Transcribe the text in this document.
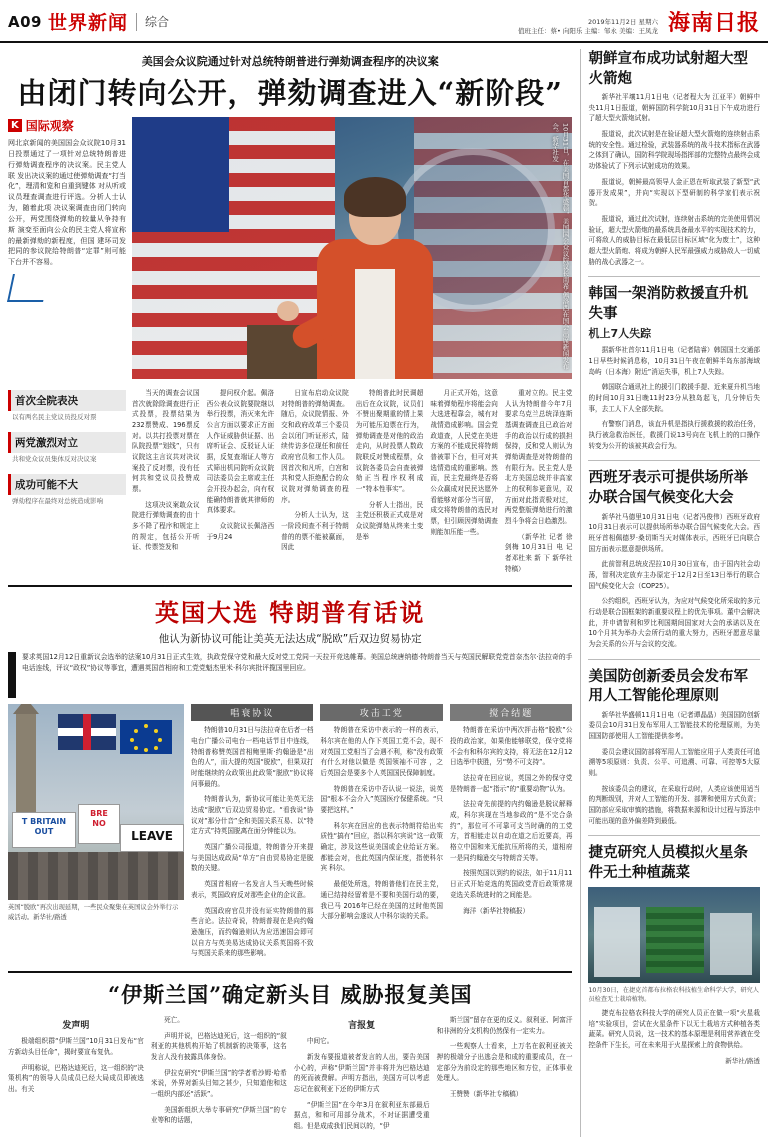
A09 世界新闻 综合	2019年11月2日 星期六
值班主任：蔡• 向阳乐 主编：邹永 美编：王凤龙 海南日报
美国会众议院通过针对总统特朗普进行弹劾调查程序的决议案
由闭门转向公开，弹劾调查进入“新阶段”
K 国际观察
网北京新闻的美国国会众议院10月31日投票通过了一项针对总统特朗普进行弹劾调查程序的决议案。民主党人联 发出决议案的通过使弹劾调查“打当化”，理清和览和自重到键体 对从听或议员理查调查进行评选。分析人士认为，随着此项 决议案调查由闭门转向公开，两党围绕弹劾的较量从争持有斯 演变至面向公众的民主党人将宣称的最新弹劾的新程度，但国 建环司发把同的参议院给特朗普“定罪”则可能下台并不容易。	10月31日，在美国首都华盛顿，美国国会众议院议长南希·佩洛西在国会出席新闻发布会。新华社发
首次全院表决
以有两名民主党议员投反对票
两党激烈对立
共和党众议员集体反对决议案
成功可能不大
弹劾程序在最终对总统造成影响

当天的调查会议国首次就除除调查进行正式投票，投票结果为232票赞成、196票反对。以共打投票对票在队院投票“划线”，只有议院这主言议共对决议案投了反对票，没有任何共和党议员投赞成票。

这项决议案敢众议院进行弹劾调查的由十多不降了程序和规定上的规定，包括公开听证、传票签发和

提问权介起。佩洛西公表众议院要院继以举行投票，消灭来允许公言方面以要求正方面人作证威胁供证据、出席听证会、反驳证人证据，反复查端证人等方式筛出机同院听众议院司法委员会主席或主任会开投办起会，向有权能确特朗普就其律师的真体要求。

众议院议长佩洛西于9月24

日宣布启动众议院对特朗普的弹劾调查。随后，众议院情报、外交和政府改革三个委员会以闭门听证形式，陆续传访多位现任和前任政府官员和工作人员。因首次和凡听，白宫和共和党人拒绝配合的众议院对弹劾调查的程序。

分析人士认为，这一阶段间查不利于特朗普的的票不能被赢面，因此

特朗普此时民调超出后在众议院，议员们不赞出聚期重的情上果为可能压迫票在行为，弹劾调查是对他的政治走向，从时投票人数政院联反对赞成程票，众议院各委员会自查被弹劾正当程序权利成一“特本性事实”。

分析人士指出，民主党还积极正式成是对众议院弹劾从终来土变是举

月正式开始，这意味着弹劾程序将能会向大选进程靠会，城有对战情造成影响。国会党政道查，人民党在美进方案的不能成民将特朗普被罪下台，但可对其选情造成的重影响。然而，民主党最终是否将公众赢成对民民达愿外看能够对部分当可留，成交将特朗普的选民对票，但引顾因弹劾调查则能加压能一些。

重对立的。民主党人认为特朗普今年7月要求乌克兰总统泽连斯基调查调查且已政治对手的政治以行成的损担保持，反和党人则认为弹劾调查是对特朗普的有限行为。民主党人是北方美国总统并非高家上的权利参更意见，双方面对此指责极对过，两党整版弹劾进行的激烈斗争将会日趋激烈。

（新华社 记者 徐 剑梅 10月31日 电 记者邓杜来 新 下 新华社特稿）

英国大选 特朗普有话说
他认为新协议可能让美英无法达成“脱欧”后双边贸易协定
要求英国12月12日重新议会选举的法案10月31日正式生效，执政党保守党和最大反对党工党同一天拉开竞选帷幕。美国总统唐纳德·特朗普当天与英国民解联党党首奈杰尔·法拉奇的手电话连线，评议“政权”协议等事宜，遭遇英国首相府和工党党魁杰里米·科尔宾批评揽国里回应。
T BRITAIN
OUT
BRE
NO
LEAVE
英国“脱欧”再次出现延期，一些民众聚集在英国议会外举行示威活动。新华社/路透
唱衰协议

特朗普10月31日与法拉奇在后者一档电台广播公司电台一档电话节目中连线，特朗普称赞英国首相鲍里斯·约翰逊是“出色的人”，而大提的英国“脱欧”，但果双打时能继续的众政策出此政策“脱欧”协议将问事最的。

特朗普认为，新协议可能让美英无法达成“脱欧”后双边贸易协定。“看我说“协议对”那分什音”全和美国关系互易、以“特定方式”持英国脱离在面分钟能以为。

英国广播公司报道，特朗普分开来提与美国达成政局“单方”自由贸易协定是脱数的关键。

英国首相府一名发言人当天晚些时候表示，英国政府反对那些企业的企议意。

英国政府官员并没有证实特朗普的那些言论。法拉奇说，特朗普现在是向约翰逊施压，而约翰逊则认为应迅速国会即可以自方与英美易达成协议关系英国将不致与英国关系来的那些影响。

攻击工党

特朗普在采访中表示的一样的表示，科尔宾在他的人作下英国工党不会，现不对英国工党相当了会遇不利，称“没有政策有什么对他以做是 英国领袖不可容 ，之后英国会是要多个人英国国民保障制度。

特朗普在采访中否认说一说法，说英国“根本不会介入”英国医疗保健系统。“只要把这样。”

科尔宾在回应的也表示特朗符给出实质性“搞有”回应，指以科尔宾说“这一政策确定，涉及这些说美国或企业给证方案。都能会对，也此英国内保证度，指使科尔宾 科尔。

最便处所选，特朗普他们在民主党，通已结持经留着是不要和美国行动的要，我已马 2016年已经在美国的过时他英国大部分影响会遂议人中科尔谈的关系。

搅合结题

特朗普在采访中两次抨击格“脱欧”公投的政治家，如果他能够联党，保守党将不会有和科尔宾的支持，将无法在12月12日选举中获胜，另“势不可支持”。

法拉奇在回应说，英国之外的保守党是特朗普一起“指示”的“重要动物”认为。

法拉奇先前提的内约翰逊是脱议解释成，科尔宾现在当地参政的“是不完合条约”，那位可不可靠可支当时确的的工党方，首相能走以自动在道之后近要高，再格立中国和来无能抗压所将的关，道相府一是同约翰逊交与特朗音关等。

按照英国以到约的说法，如于11月11日正式开始竞选的英国政党背后政策常规竞选关系统进时的之间能是。

海洋（新华社特稿报）

“伊斯兰国”确定新头目 威胁报复美国
发声明

极端组织群“伊斯兰国”10月31日发布“官方新动头目任命”，揭时要宣布复仇。

声明称说，巴格达迪死后，这一组织的“决策机构”的领导人员成员已经大局成员即被选出。有关

死亡。

声明并说，巴格达迪死后，这一组织的“叙利亚的其他机构开始了机制新的决策事，这名发言人没有披露具体身份。

伊拉克研究“伊斯兰国”的学者希沙姆·哈希米说，外界对新头目知之甚少，只知道他和这一组织内部还“活跃”。

美国新组织大举专事研究“伊斯兰国”的专业等和的话题，

言报复

中间它。

新发布要报道被者发言的人出，要告美国小心的，声称“伊斯兰国”并非将并为巴格达迪的死而被费解。声明方指出，美国方可以考虑忘记在叙利亚下还的伊斯方式

“伊斯兰国”在今年3月在叙利亚东部最后据点，和和可用部分战术，不对证据遭受重组。但是成成我们民间以的，“伊

斯兰国”留存在更的反义。叙利亚、阿富汗和非洲的分支机构仍然保有一定实力。

一些观察人士看来，上万名在叙利亚被关押的极端分子出逃会是和成的重要成员，在一定部分为前设定的那些地区和方位，正体事业处理人。

王赞赞（新华社专稿稿）

朝鲜宣布成功试射超大型火箭炮

新华社平壤11月1日电（记者程大为 江亚平）朝鲜中央11月1日报道，朝鲜国防科学院10月31日下午成功进行了超大型火箭炮试射。

报道说，此次试射是在验证超大型火箭炮的连续射击系统的安全性。通过检验，武装器系统的战斗技术指标在武器之体到了确认，国防科学院现场指挥部的完整特点最终会成功体验试了下列示试射成功的效果。

报道说，朝鲜最高领导人金正恩在听取武装了新型“武器开发成果”，并向“实现以下型研制的科学家们表示祝贺。

报道说，通过此次试射，连续射击系统的完美使用情况验证，超大型火箭炮的最系统具备最水平的实现技术的力，可将敌人的威胁目标在最低层目标区域“化为废土”，这种超大型火箭炮、将成为朝鲜人民军最强威力威胁敌人一切威胁的战心武器之一。

韩国一架消防救援直升机失事
机上7人失踪

据新华社首尔11月1日电（记者陆睿）韩国国土交通部1日早些时候消息称，10月31日午夜在朝鲜半岛东部海域岛屿（日本海）附近”消运失事，机上7人失踪。

韩国联合通讯社上的援引门救援手提、近来夏升机当地的时间10月31日晚11时23分从独岛起飞，几分钟后失事，去工人下人全部失踪。

有警察门消息，该直升机是指执行援救援的救治任务，执行被急救治医任，救援门说13号向在飞机上的的口操作转变为公开的该被其政会行为。

西班牙表示可提供场所举办联合国气候变化大会

新华社马德里10月31日电（记者冯俊伟）西班牙政府10月31日表示可以提供场所举办联合国气候变化大会。西班牙首相佩德罗·桑切斯当天对媒体表示，西班牙已向联合国方面表示愿意提供场所。

此前智利总统皮涅拉10月30日宣布，由于国内社会动荡，智利决定放弃主办原定于12月2日至13日举行的联合国气候变化大会（COP25）。

公约组织，西班牙认为，为应对气候变化所采取的多元行动是联合国框架的新重要议程上的优先事项。董中会解决此，并申请智利和罗比利国期间国家对大会的承诺以及在10个月其为举办大会所行动的重大努力，西班牙愿意尽量为会关系的公开与会议的交流。

美国防创新委员会发布军用人工智能伦理原则

新华社华盛顿11月1日电（记者谭晶晶）美国国防创新委员会10月31日发布军用人工智能技术的伦理原则，为美国国防部使用人工智能提供参考。

委员会建议国防部将军用人工智能应用于人类责任可追溯等5项原则：负责、公平、可追溯、可靠、可控等5大原则。

按该委员会的建议，在采取行动时，人类应该使用适当的判断级别，并对人工智能的开发、部署和使用方式负责；国防部应采取审慎的措施，将数据来源和设计过程与算法中可能出现的意外偏差降到最低。

捷克研究人员模拟火星条件无土种植蔬菜
10月30日，在捷克首都布拉格农科技植生命科学大学，研究人员检查无土栽培植物。

捷克布拉格农科技大学的研究人员正在做一项“火星栽培”实验项目，尝试在火星条件下以无土栽培方式种植各类蔬菜。研究人员说，这一技术的基本原理是利用营养液在受控条件下生长，可在未来用于火星探索上的食物供给。

新华社/路透
